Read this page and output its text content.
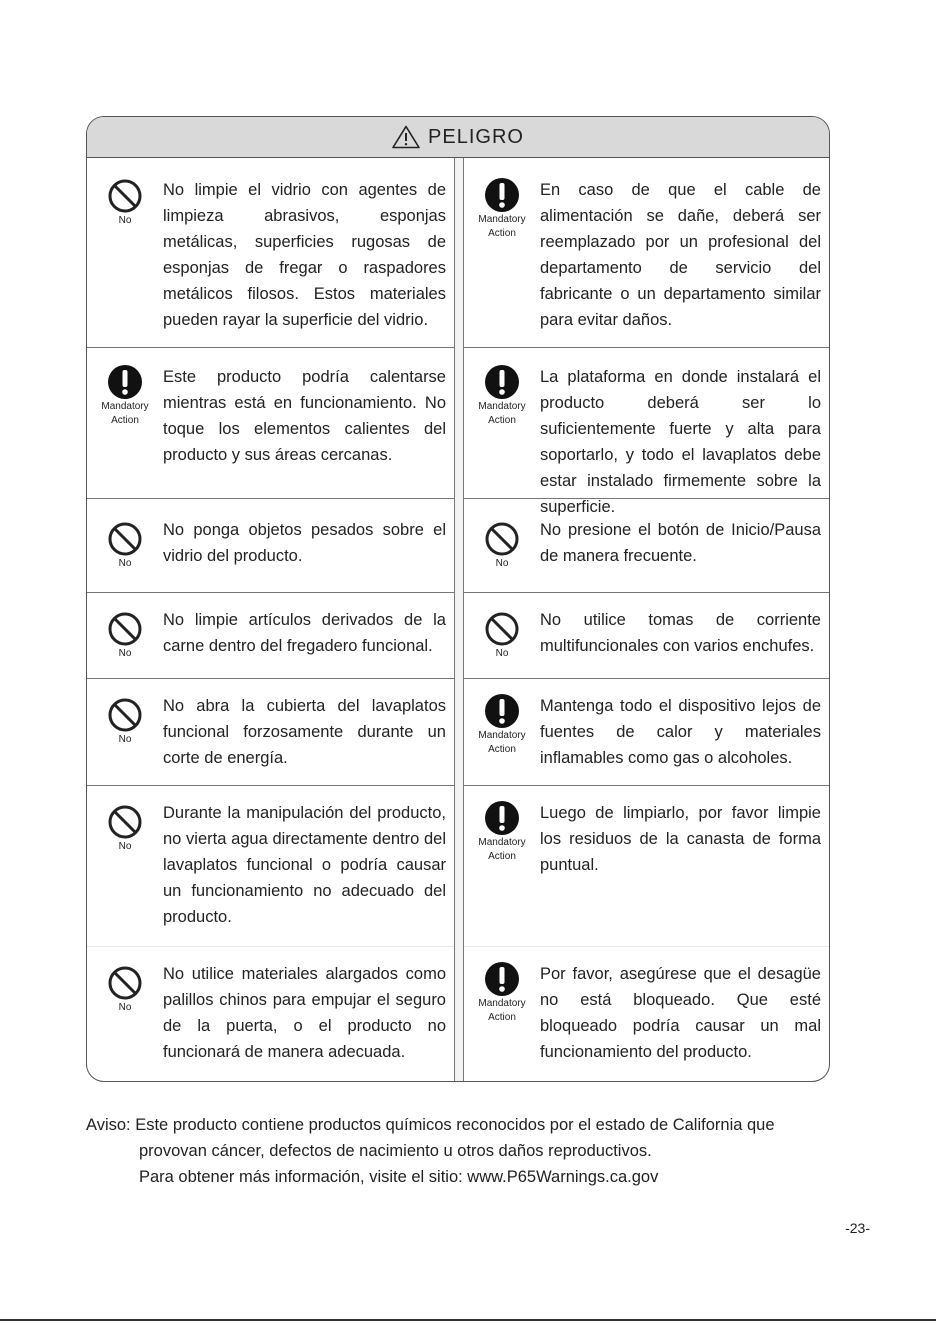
PELIGRO
No
No limpie el vidrio con agentes de limpieza abrasivos, esponjas metálicas, superficies rugosas de esponjas de fregar o raspadores metálicos filosos. Estos materiales pueden rayar la superficie del vidrio.
Mandatory
Action
Este producto podría calentarse mientras está en funcionamiento. No toque los elementos calientes del producto y sus áreas cercanas.
No
No ponga objetos pesados sobre el vidrio del producto.
No
No limpie artículos derivados de la carne dentro del fregadero funcional.
No
No abra la cubierta del lavaplatos funcional forzosamente durante un corte de energía.
No
Durante la manipulación del producto, no vierta agua directamente dentro del lavaplatos funcional o podría causar un funcionamiento no adecuado del producto.
No
No utilice materiales alargados como palillos chinos para empujar el seguro de la puerta, o el producto no funcionará de manera adecuada.
Mandatory
Action
En caso de que el cable de alimentación se dañe, deberá ser reemplazado por un profesional del departamento de servicio del fabricante o un departamento similar para evitar daños.
Mandatory
Action
La plataforma en donde instalará el producto deberá ser lo suficientemente fuerte y alta para soportarlo, y todo el lavaplatos debe estar instalado firmemente sobre la superficie.
No
No presione el botón de Inicio/Pausa de manera frecuente.
No
No utilice tomas de corriente multifuncionales con varios enchufes.
Mandatory
Action
Mantenga todo el dispositivo lejos de fuentes de calor y materiales inflamables como gas o alcoholes.
Mandatory
Action
Luego de limpiarlo, por favor limpie los residuos de la canasta de forma puntual.
Mandatory
Action
Por favor, asegúrese que el desagüe no está bloqueado. Que esté bloqueado podría causar un mal funcionamiento del producto.
Aviso: Este producto contiene productos químicos reconocidos por el estado de California que
provovan cáncer, defectos de nacimiento u otros daños reproductivos.
Para obtener más información, visite el sitio: www.P65Warnings.ca.gov
-23-
